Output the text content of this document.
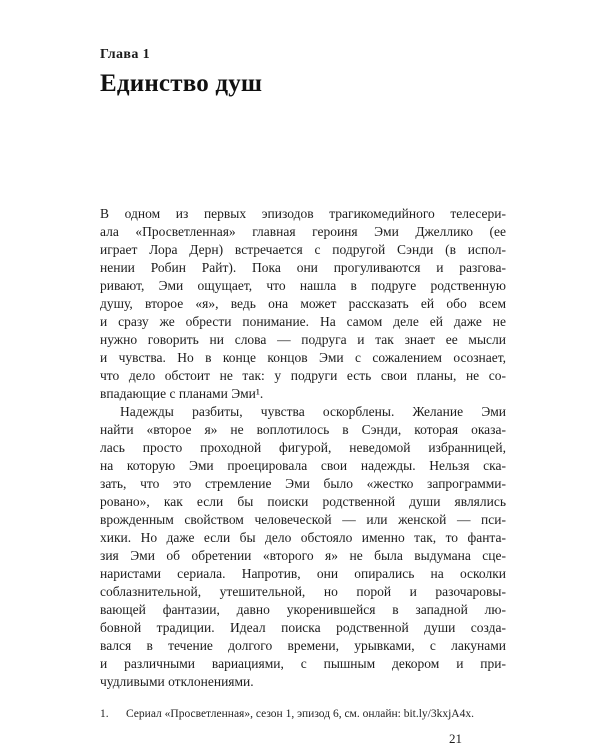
Глава 1
Единство душ
В одном из первых эпизодов трагикомедийного телесери-
ала «Просветленная» главная героиня Эми Джеллико (ее
играет Лора Дерн) встречается с подругой Сэнди (в испол-
нении Робин Райт). Пока они прогуливаются и разгова-
ривают, Эми ощущает, что нашла в подруге родственную
душу, второе «я», ведь она может рассказать ей обо всем
и сразу же обрести понимание. На самом деле ей даже не
нужно говорить ни слова — подруга и так знает ее мысли
и чувства. Но в конце концов Эми с сожалением осознает,
что дело обстоит не так: у подруги есть свои планы, не со-
впадающие с планами Эми¹.
Надежды разбиты, чувства оскорблены. Желание Эми
найти «второе я» не воплотилось в Сэнди, которая оказа-
лась просто проходной фигурой, неведомой избранницей,
на которую Эми проецировала свои надежды. Нельзя ска-
зать, что это стремление Эми было «жестко запрограмми-
ровано», как если бы поиски родственной души являлись
врожденным свойством человеческой — или женской — пси-
хики. Но даже если бы дело обстояло именно так, то фанта-
зия Эми об обретении «второго я» не была выдумана сце-
наристами сериала. Напротив, они опирались на осколки
соблазнительной, утешительной, но порой и разочаровы-
вающей фантазии, давно укоренившейся в западной лю-
бовной традиции. Идеал поиска родственной души созда-
вался в течение долгого времени, урывками, с лакунами
и различными вариациями, с пышным декором и при-
чудливыми отклонениями.
1.	Сериал «Просветленная», сезон 1, эпизод 6, см. онлайн: bit.ly/3kxjA4x.
21
